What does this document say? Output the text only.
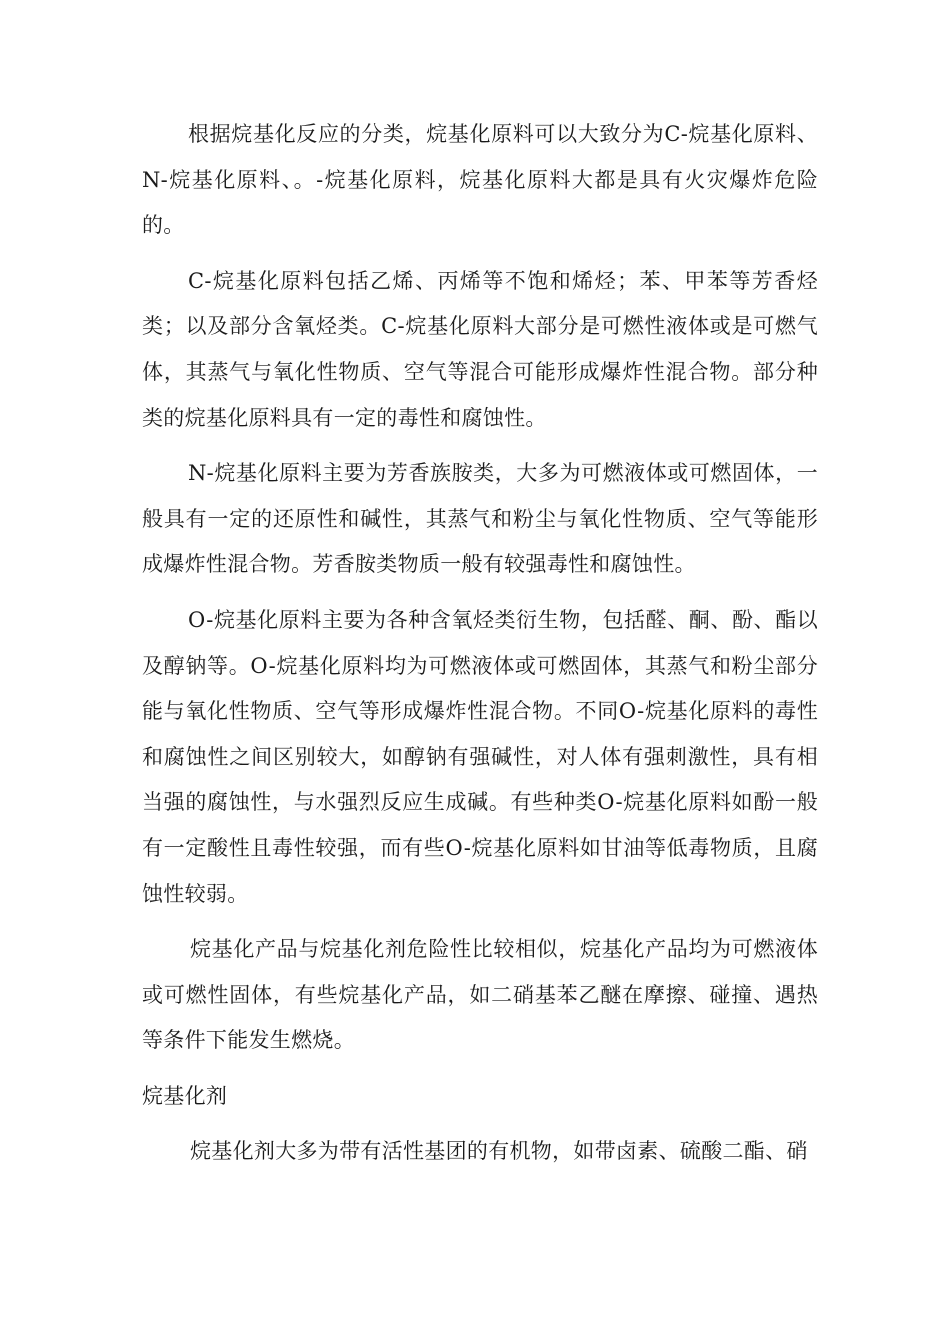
根据烷基化反应的分类，烷基化原料可以大致分为C-烷基化原料、N-烷基化原料、。-烷基化原料，烷基化原料大都是具有火灾爆炸危险的。

C-烷基化原料包括乙烯、丙烯等不饱和烯烃；苯、甲苯等芳香烃类；以及部分含氧烃类。C-烷基化原料大部分是可燃性液体或是可燃气体，其蒸气与氧化性物质、空气等混合可能形成爆炸性混合物。部分种类的烷基化原料具有一定的毒性和腐蚀性。

N-烷基化原料主要为芳香族胺类，大多为可燃液体或可燃固体，一般具有一定的还原性和碱性，其蒸气和粉尘与氧化性物质、空气等能形成爆炸性混合物。芳香胺类物质一般有较强毒性和腐蚀性。

O-烷基化原料主要为各种含氧烃类衍生物，包括醛、酮、酚、酯以及醇钠等。O-烷基化原料均为可燃液体或可燃固体，其蒸气和粉尘部分能与氧化性物质、空气等形成爆炸性混合物。不同O-烷基化原料的毒性和腐蚀性之间区别较大，如醇钠有强碱性，对人体有强刺激性，具有相当强的腐蚀性，与水强烈反应生成碱。有些种类O-烷基化原料如酚一般有一定酸性且毒性较强，而有些O-烷基化原料如甘油等低毒物质，且腐蚀性较弱。

烷基化产品与烷基化剂危险性比较相似，烷基化产品均为可燃液体或可燃性固体，有些烷基化产品，如二硝基苯乙醚在摩擦、碰撞、遇热等条件下能发生燃烧。

烷基化剂

烷基化剂大多为带有活性基团的有机物，如带卤素、硫酸二酯、硝
